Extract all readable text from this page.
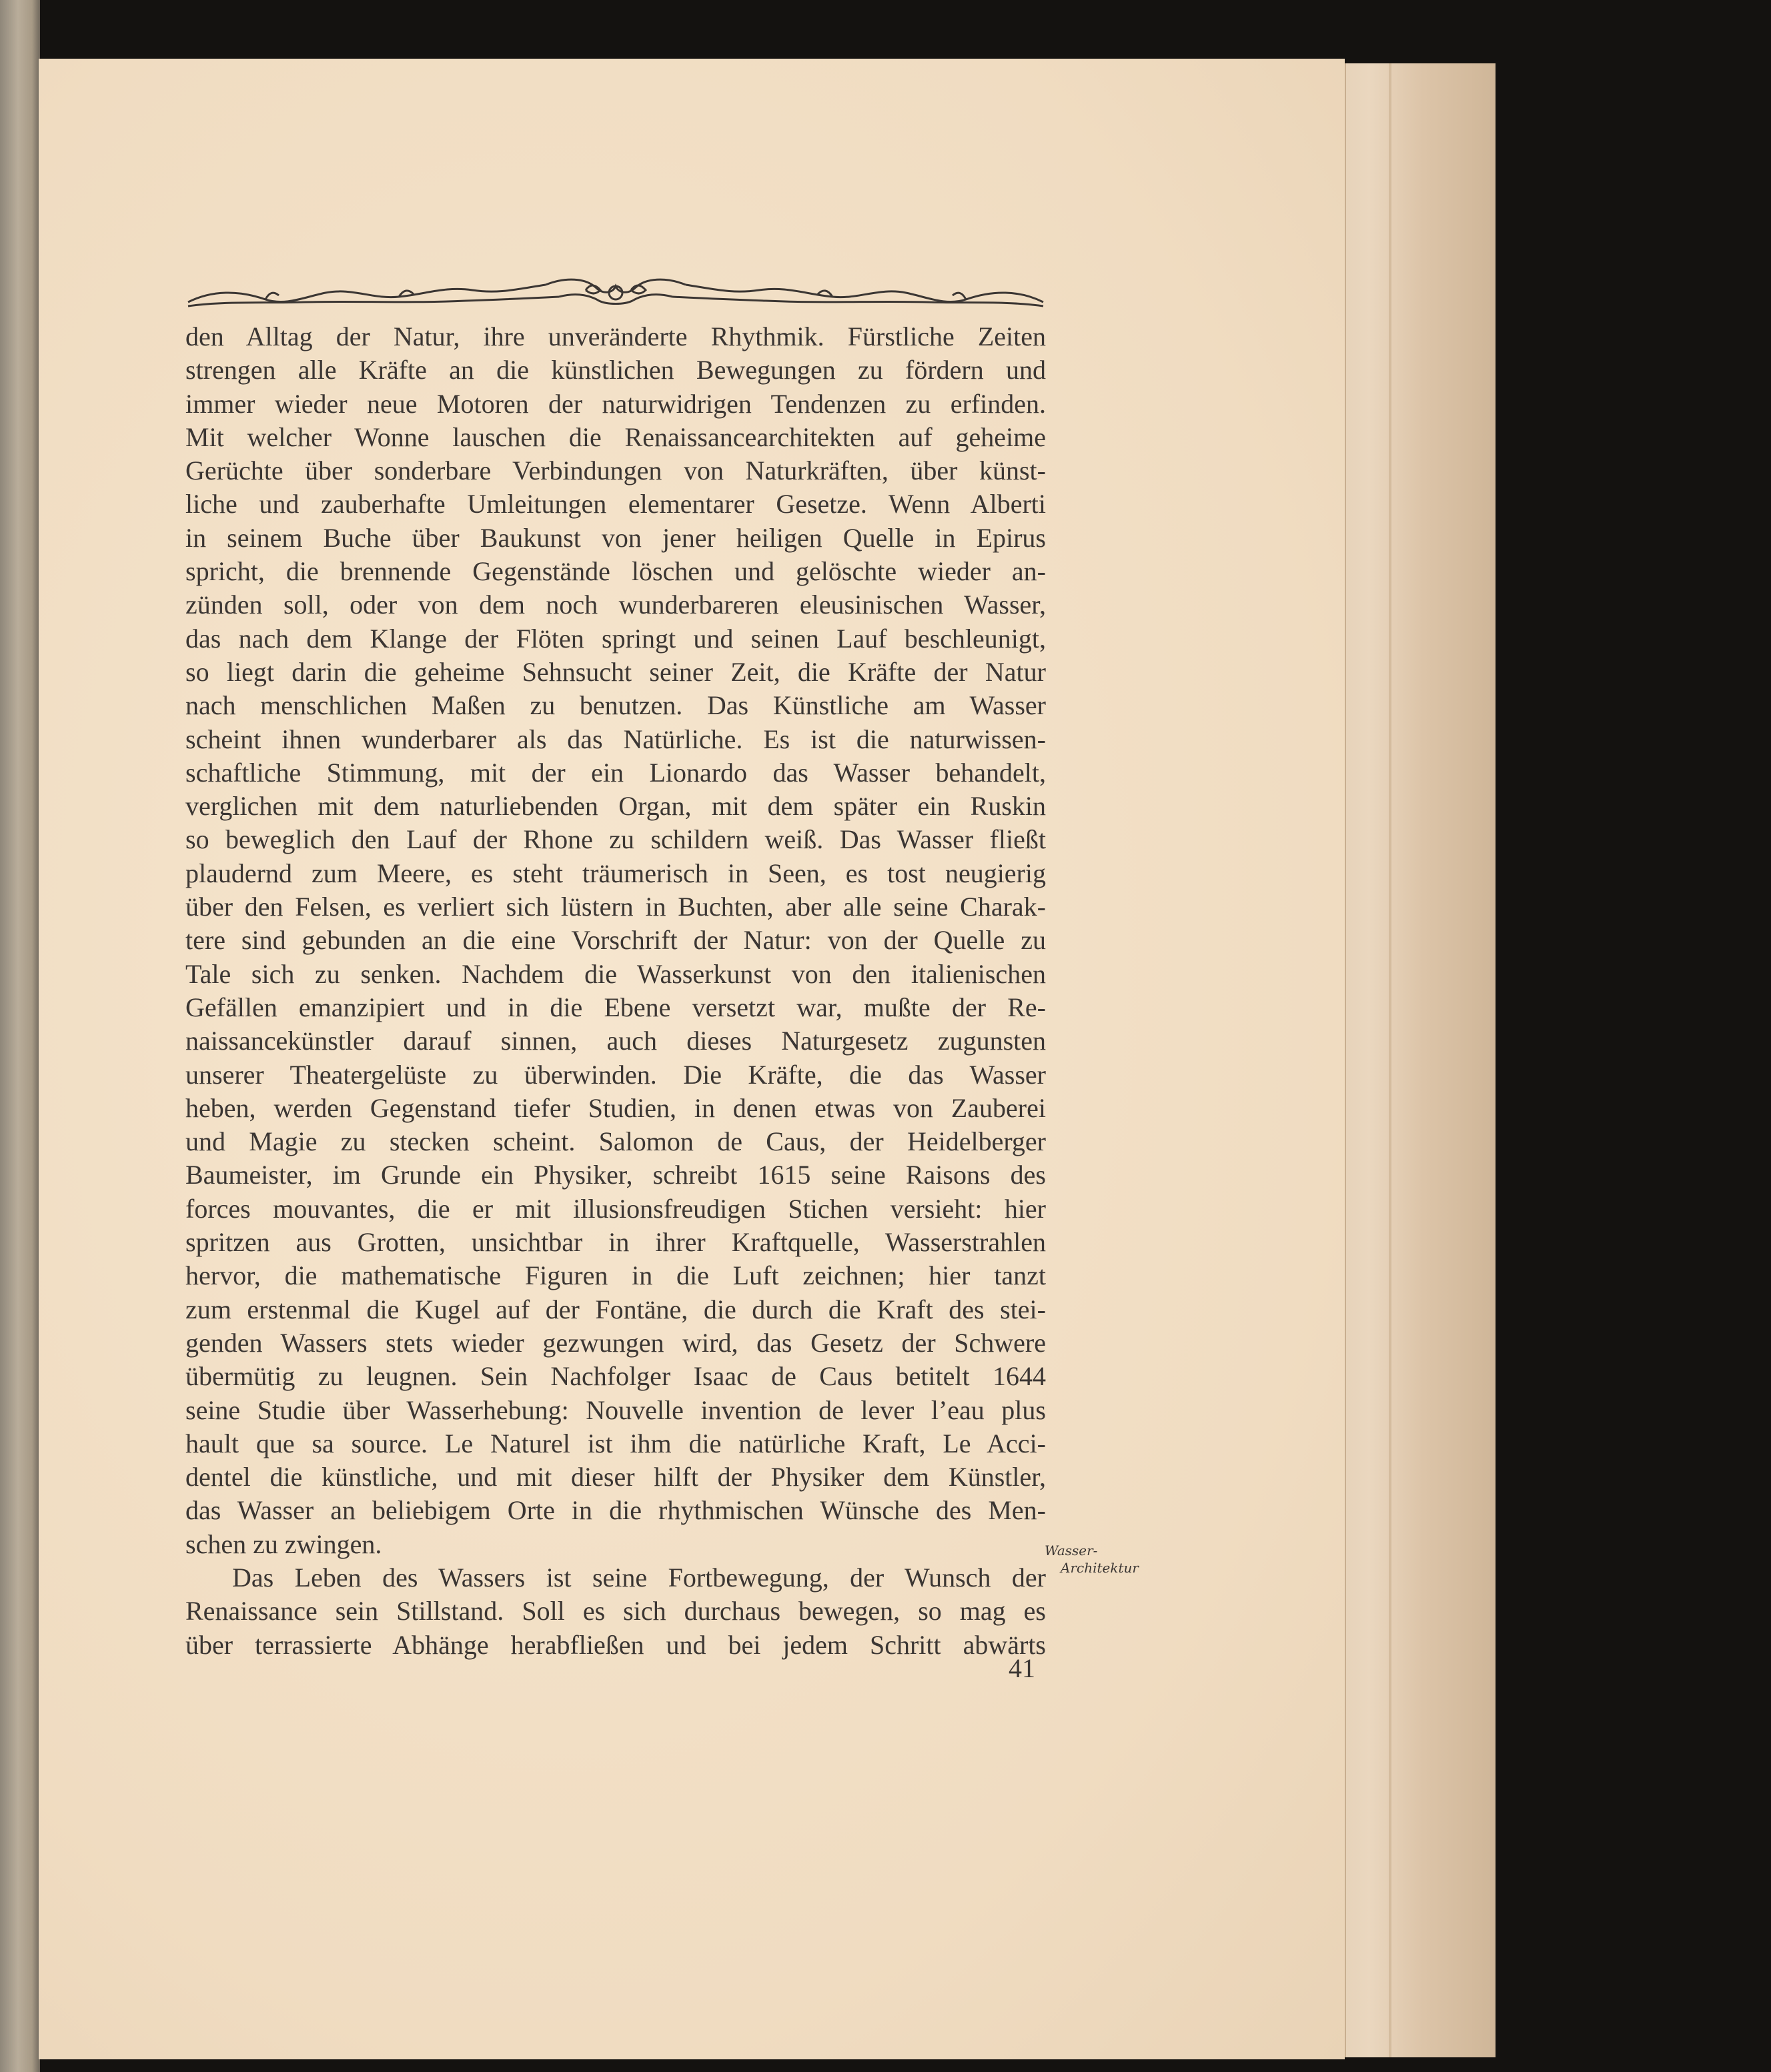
den Alltag der Natur, ihre unveränderte Rhythmik. Fürstliche Zeiten
strengen alle Kräfte an die künstlichen Bewegungen zu fördern und
immer wieder neue Motoren der naturwidrigen Tendenzen zu erfinden.
Mit welcher Wonne lauschen die Renaissancearchitekten auf geheime
Gerüchte über sonderbare Verbindungen von Naturkräften, über künst-
liche und zauberhafte Umleitungen elementarer Gesetze. Wenn Alberti
in seinem Buche über Baukunst von jener heiligen Quelle in Epirus
spricht, die brennende Gegenstände löschen und gelöschte wieder an-
zünden soll, oder von dem noch wunderbareren eleusinischen Wasser,
das nach dem Klange der Flöten springt und seinen Lauf beschleunigt,
so liegt darin die geheime Sehnsucht seiner Zeit, die Kräfte der Natur
nach menschlichen Maßen zu benutzen. Das Künstliche am Wasser
scheint ihnen wunderbarer als das Natürliche. Es ist die naturwissen-
schaftliche Stimmung, mit der ein Lionardo das Wasser behandelt,
verglichen mit dem naturliebenden Organ, mit dem später ein Ruskin
so beweglich den Lauf der Rhone zu schildern weiß. Das Wasser fließt
plaudernd zum Meere, es steht träumerisch in Seen, es tost neugierig
über den Felsen, es verliert sich lüstern in Buchten, aber alle seine Charak-
tere sind gebunden an die eine Vorschrift der Natur: von der Quelle zu
Tale sich zu senken. Nachdem die Wasserkunst von den italienischen
Gefällen emanzipiert und in die Ebene versetzt war, mußte der Re-
naissancekünstler darauf sinnen, auch dieses Naturgesetz zugunsten
unserer Theatergelüste zu überwinden. Die Kräfte, die das Wasser
heben, werden Gegenstand tiefer Studien, in denen etwas von Zauberei
und Magie zu stecken scheint. Salomon de Caus, der Heidelberger
Baumeister, im Grunde ein Physiker, schreibt 1615 seine Raisons des
forces mouvantes, die er mit illusionsfreudigen Stichen versieht: hier
spritzen aus Grotten, unsichtbar in ihrer Kraftquelle, Wasserstrahlen
hervor, die mathematische Figuren in die Luft zeichnen; hier tanzt
zum erstenmal die Kugel auf der Fontäne, die durch die Kraft des stei-
genden Wassers stets wieder gezwungen wird, das Gesetz der Schwere
übermütig zu leugnen. Sein Nachfolger Isaac de Caus betitelt 1644
seine Studie über Wasserhebung: Nouvelle invention de lever l’eau plus
hault que sa source. Le Naturel ist ihm die natürliche Kraft, Le Acci-
dentel die künstliche, und mit dieser hilft der Physiker dem Künstler,
das Wasser an beliebigem Orte in die rhythmischen Wünsche des Men-
schen zu zwingen.
Das Leben des Wassers ist seine Fortbewegung, der Wunsch der
Renaissance sein Stillstand. Soll es sich durchaus bewegen, so mag es
über terrassierte Abhänge herabfließen und bei jedem Schritt abwärts
Wasser-
Architektur
41
